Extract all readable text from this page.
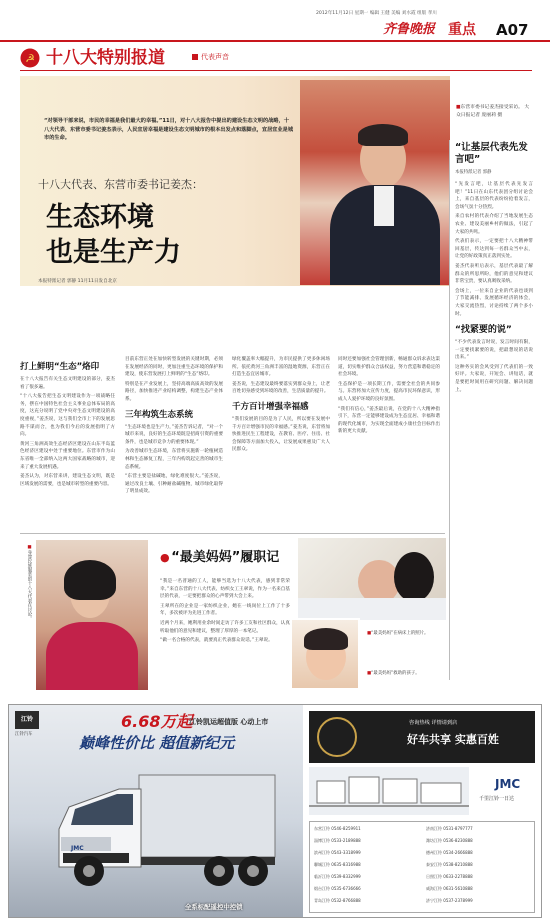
2012年11月12日 星期一 编辑 王健 美编 刘水霞 组版 孝川
齐鲁晚报 重点 A07
☭ 十八大特别报道	代表声音
“对领导干部来说，市民的幸福是我们最大的幸福。”11日，对十八大报告中提出的建设生态文明的战略，十八大代表、东营市委书记姜杰表示，人民宜居幸福是建设生态文明城市的根本出发点和落脚点，宜居宜业是城市的生命。
十八大代表、东营市委书记姜杰：
生态环境
也是生产力
本报特派记者 郭静 11月11日发自北京
■东营市委书记姜杰接受采访。 大众日报记者 庞丽莉 摄
打上鲜明“生态”烙印

在十八大报告有关生态文明建设的部分，姜杰看了很多遍。

“十八大报告把生态文明建设作为一项战略任务，摆在中国特色社会主义事业总体布局的高度，这充分说明了党中央对生态文明建设的高度重视，”姜杰说，这与我们全市上下的发展思路不谋而合，也为我们今后的发展指明了方向。

黄河三角洲高效生态经济区建设在山东半岛蓝色经济区建设中处于重要地位。东营市作为山东省唯一全部纳入这两大国家战略的城市，迎来了重大发展机遇。

姜杰认为，对东营来讲，建设生态文明，既是区域发展的需要，也是城市转型的重要内容。

目前东营正处在加快转型发展的关键时期，必须在发展经济的同时，更加注重生态环境的保护和建设，使东营发展打上鲜明的“生态”烙印。

特别是在产业发展上，坚持高端高质高效的发展路径，加快推进产业结构调整，构建生态产业体系。

三年构筑生态系统

“生态环境也是生产力，”姜杰告诉记者，“对一个城市来说，良好的生态环境既是招商引资的重要条件，也是城市竞争力的重要体现。”

为改善城市生态环境，东营将实施新一轮植树造林和生态修复工程，三年内构筑起完善的城市生态系统。

“东营主要是盐碱地，绿化难度很大。”姜杰说，通过改良土壤、引种耐盐碱植物，城市绿化取得了明显成效。

绿化覆盖率大幅提升，为市民提供了更多休闲场所。依托黄河三角洲丰富的湿地资源，东营正在打造生态宜居城市。

姜杰说，生态建设最终要落实到群众身上，让老百姓切身感受到环境的改善，生活质量的提升。

千方百计增强幸福感

“我们发展的目的是为了人民，所以要在发展中千方百计增强市民的幸福感。”姜杰说，东营将加快推进民生工程建设，在教育、医疗、住房、社会保障等方面加大投入，让发展成果惠及广大人民群众。

同时还要加强社会管理创新，畅通群众诉求表达渠道，切实维护群众合法权益，努力营造和谐稳定的社会环境。

生态保护是一项长期工作，需要全社会的共同参与。东营将加大宣传力度，提高市民环保意识，形成人人爱护环境的良好氛围。

“我们有信心，”姜杰最后说，在党的十八大精神指引下，东营一定能够建设成为生态宜居、幸福和谐的现代化城市，为实现全面建成小康社会目标作出新的更大贡献。

“让基层代表先发言吧”
本报特派记者 郭静

“先发言吧，让基层代表先发言吧！”11日在山东代表团分组讨论会上，来自基层的代表纷纷抢着发言，会场气氛十分热烈。

来自农村的代表介绍了当地发展生态农业、建设美丽乡村的做法，引起了大家的共鸣。

代表们表示，一定要把十八大精神带回基层，传达到每一名群众当中去，让党的好政策真正落到实处。

姜杰代表听后表示，基层代表最了解群众的所思所盼，他们的意见和建议非常宝贵，要认真吸收采纳。

会场上，一位来自企业的代表也谈到了节能减排、发展循环经济的体会，大家交流热烈，讨论持续了两个多小时。

“找紧要的说”

“不少代表发言时说，发言时间有限，一定要找紧要的说，把最想说的话说出来。”

这种务实的会风受到了代表们的一致好评。大家说，开短会、讲短话，就是要把时间用在研究问题、解决问题上。

■身穿民族服装的十八大代表在讨论。	● “最美妈妈”履职记

“我是一名普通的工人，能够当选为十八大代表，感到非常荣幸。”来自东营的十八大代表、纺织女工王翠说，作为一名来自基层的代表，一定要把群众的心声带到大会上来。

王翠所在的企业是一家纺织企业，她在一线岗位上工作了十多年，多次被评为先进工作者。

近两个月来，她利用业余时间走访了许多工友和社区群众，认真听取他们的意见和建议，整理了厚厚的一本笔记。

“做一名合格的代表，就要真正代表群众说话。”王翠说。

■“最美妈妈”在病床上的照片。
■“最美妈妈”救助的孩子。
江铃
江铃汽车
6.68万起
江铃凯运超值版 心动上市
巅峰性价比 超值新纪元
JMC
全系标配遥控中控锁
咨询热线 详情请到店
好车共享 实惠百姓
JMC
千里江铃一日达
东营江铃 0546-8259911	济南江铃 0531-8797777
淄博江铃 0533-2189888	潍坊江铃 0536-8230888
滨州江铃 0543-3318999	德州江铃 0534-2666888
聊城江铃 0635-8316988	泰安江铃 0538-8210888
临沂江铃 0539-8332999	日照江铃 0633-2278888
烟台江铃 0535-6736666	威海江铃 0631-5610888
青岛江铃 0532-8766888	济宁江铃 0537-2378999
